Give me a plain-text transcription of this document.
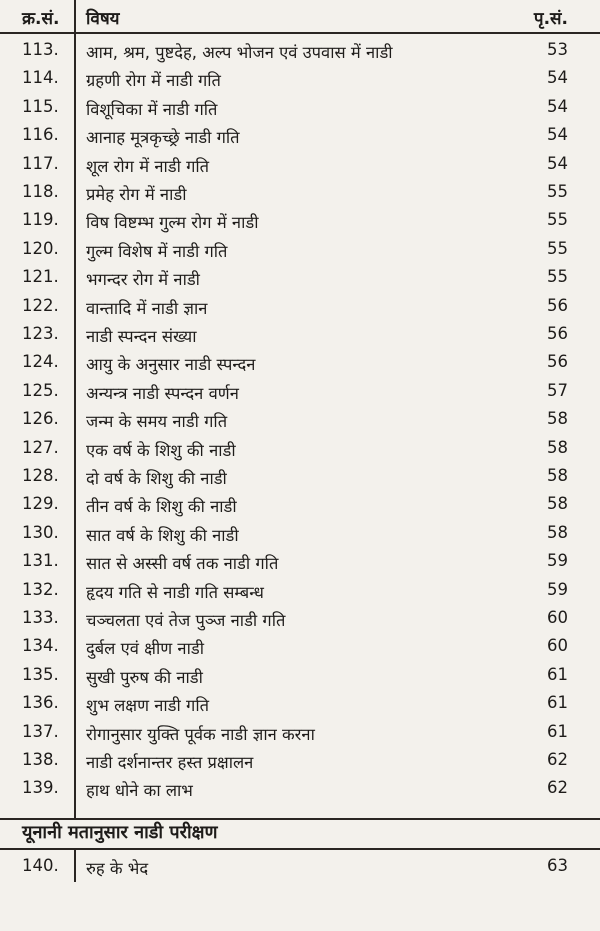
क्र.सं. विषय	पृ.सं.
113. आम, श्रम, पुष्टदेह, अल्प भोजन एवं उपवास में नाडी	53
114. ग्रहणी रोग में नाडी गति	54
115. विशूचिका में नाडी गति	54
116. आनाह मूत्रकृच्छ्रे नाडी गति	54
117. शूल रोग में नाडी गति	54
118. प्रमेह रोग में नाडी	55
119. विष विष्टम्भ गुल्म रोग में नाडी	55
120. गुल्म विशेष में नाडी गति	55
121. भगन्दर रोग में नाडी	55
122. वान्तादि में नाडी ज्ञान	56
123. नाडी स्पन्दन संख्या	56
124. आयु के अनुसार नाडी स्पन्दन	56
125. अन्यन्त्र नाडी स्पन्दन वर्णन	57
126. जन्म के समय नाडी गति	58
127. एक वर्ष के शिशु की नाडी	58
128. दो वर्ष के शिशु की नाडी	58
129. तीन वर्ष के शिशु की नाडी	58
130. सात वर्ष के शिशु की नाडी	58
131. सात से अस्सी वर्ष तक नाडी गति	59
132. हृदय गति से नाडी गति सम्बन्ध	59
133. चञ्चलता एवं तेज पुञ्ज नाडी गति	60
134. दुर्बल एवं क्षीण नाडी	60
135. सुखी पुरुष की नाडी	61
136. शुभ लक्षण नाडी गति	61
137. रोगानुसार युक्ति पूर्वक नाडी ज्ञान करना	61
138. नाडी दर्शनान्तर हस्त प्रक्षालन	62
139. हाथ धोने का लाभ	62
यूनानी मतानुसार नाडी परीक्षण
140. रुह के भेद	63
